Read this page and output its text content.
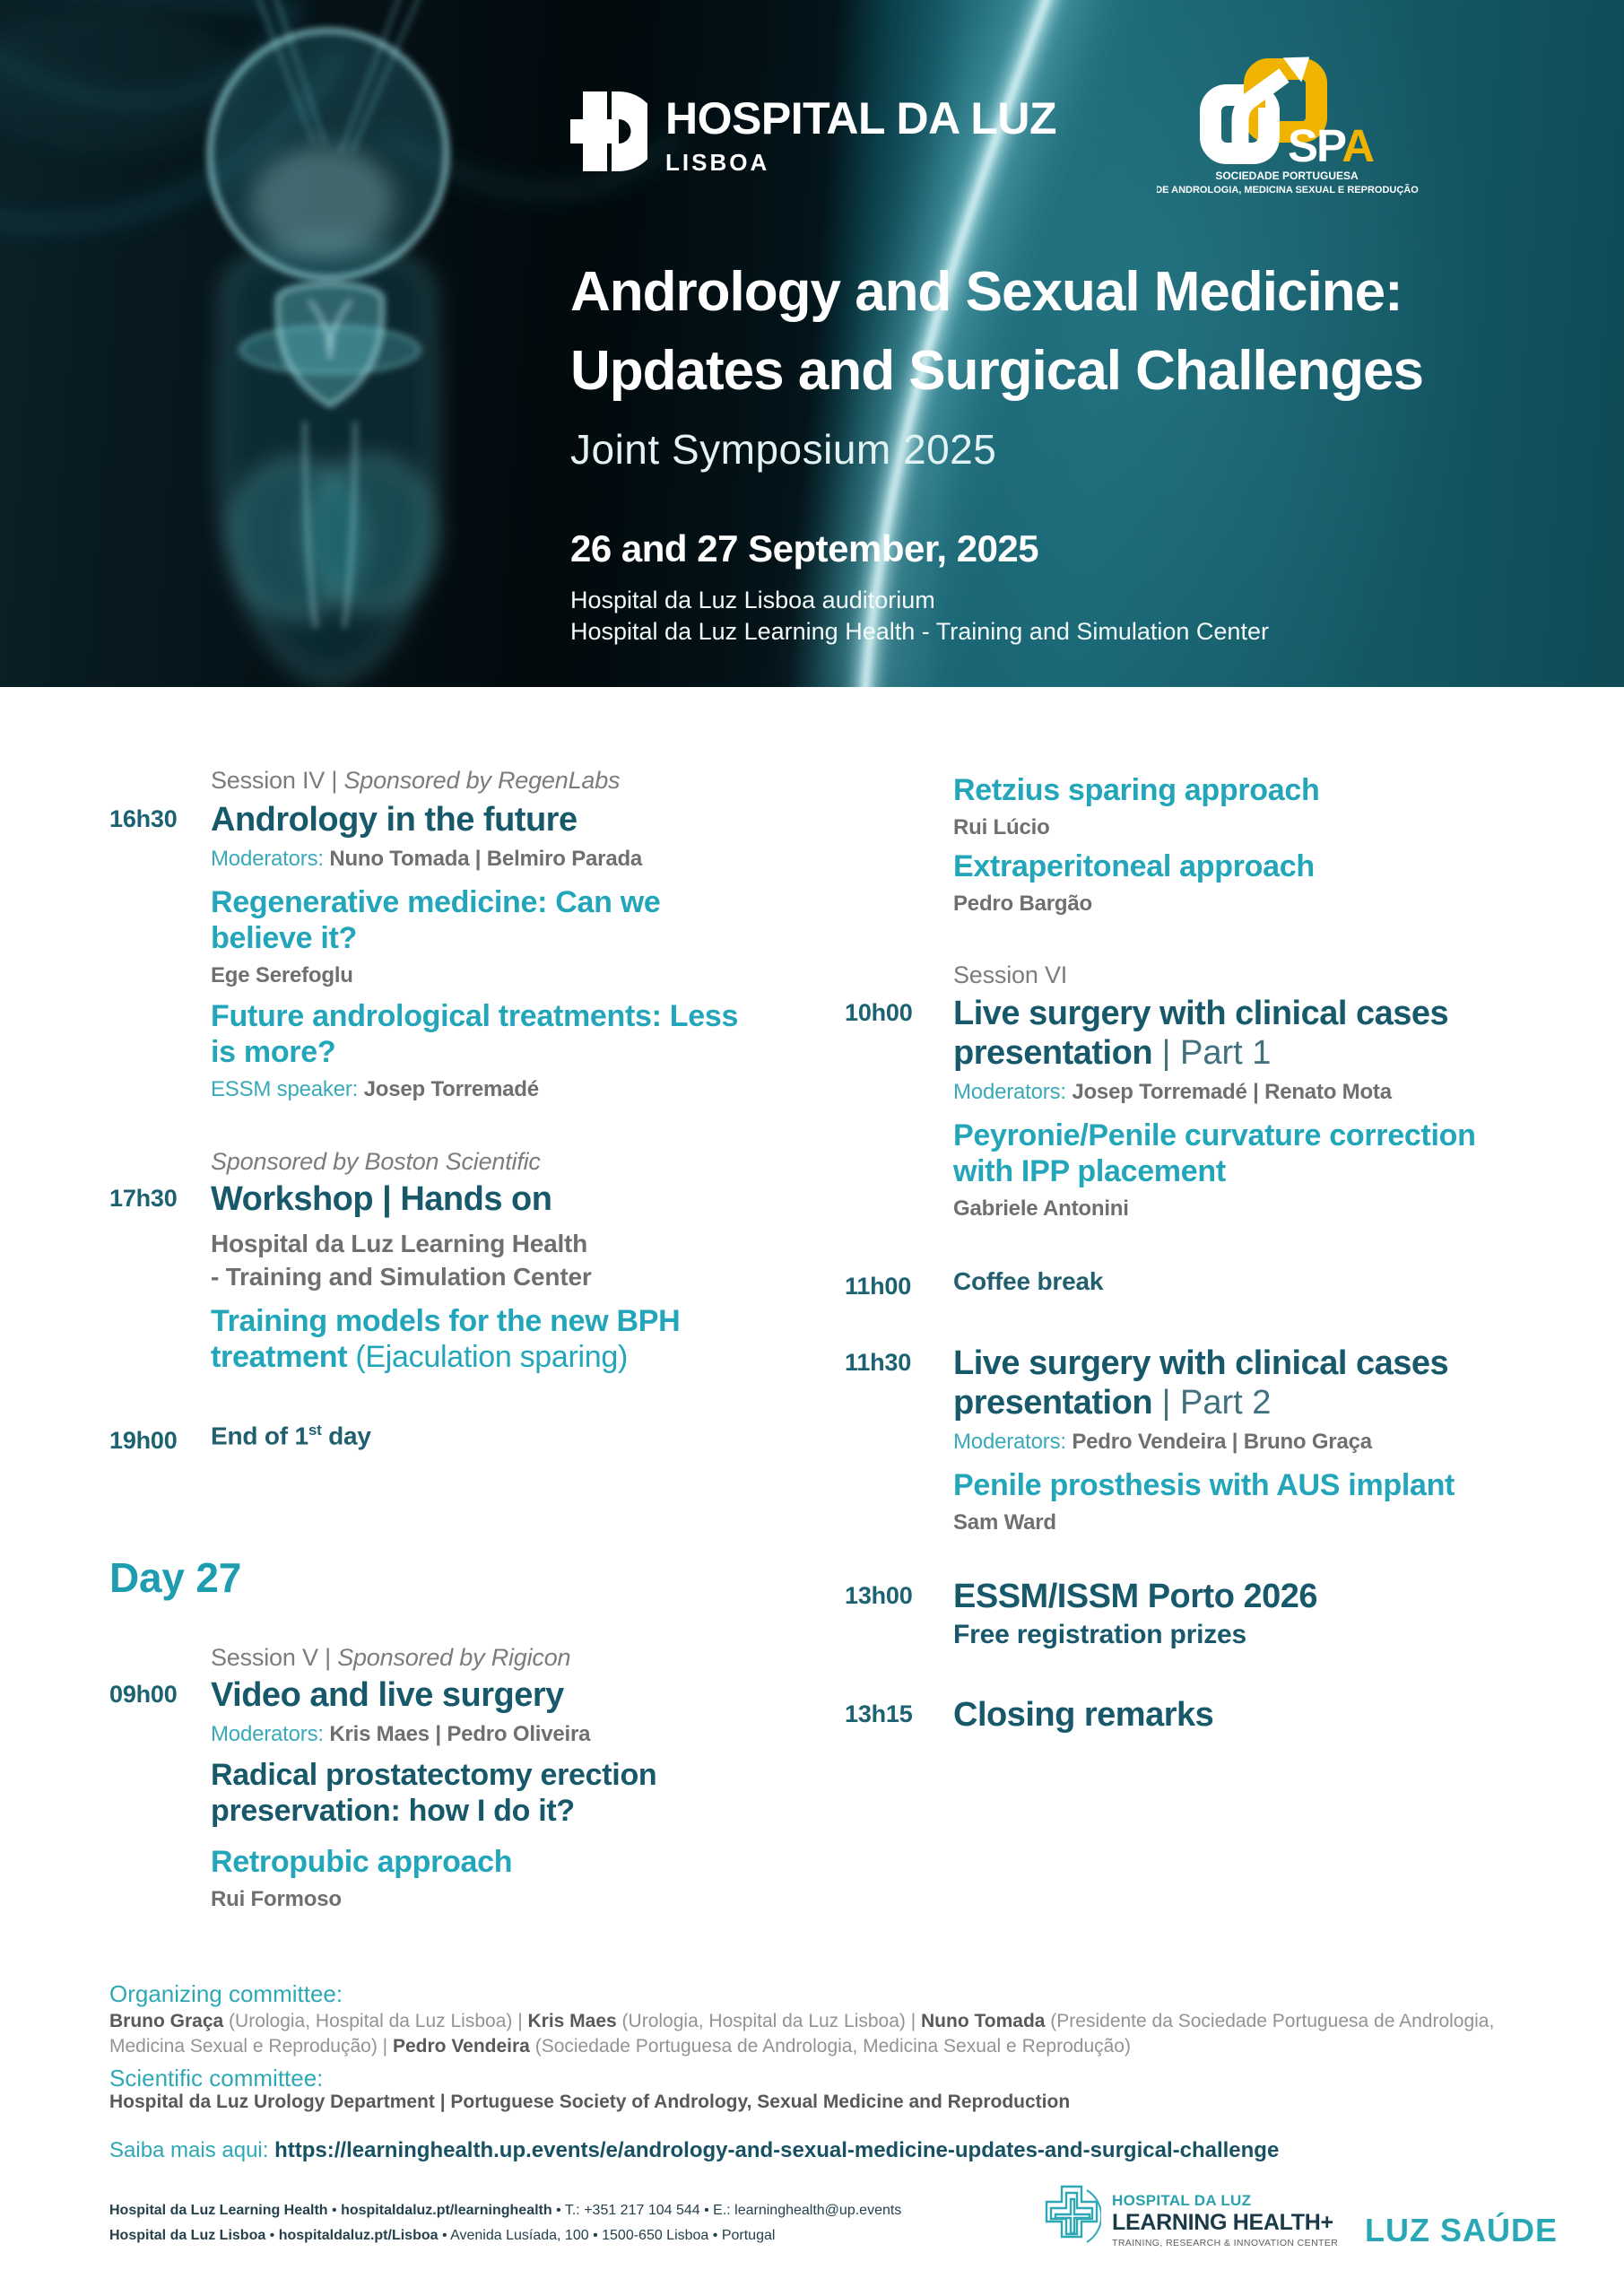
HOSPITAL DA LUZ
LISBOA	SPA
SOCIEDADE PORTUGUESA
DE ANDROLOGIA, MEDICINA SEXUAL E REPRODUÇÃO
Andrology and Sexual Medicine:
Updates and Surgical Challenges
Joint Symposium 2025
26 and 27 September, 2025
Hospital da Luz Lisboa auditorium
Hospital da Luz Learning Health - Training and Simulation Center
Session IV | Sponsored by RegenLabs
16h30 Andrology in the future
Moderators: Nuno Tomada | Belmiro Parada
Regenerative medicine: Can we
believe it?
Ege Serefoglu
Future andrological treatments: Less
is more?
ESSM speaker: Josep Torremadé
Sponsored by Boston Scientific
17h30 Workshop | Hands on
Hospital da Luz Learning Health
- Training and Simulation Center
Training models for the new BPH
treatment (Ejaculation sparing)
19h00 End of 1st day
Day 27
Session V | Sponsored by Rigicon
09h00 Video and live surgery
Moderators: Kris Maes | Pedro Oliveira
Radical prostatectomy erection
preservation: how I do it?
Retropubic approach
Rui Formoso
Retzius sparing approach
Rui Lúcio
Extraperitoneal approach
Pedro Bargão
Session VI
10h00 Live surgery with clinical cases
presentation | Part 1
Moderators: Josep Torremadé | Renato Mota
Peyronie/Penile curvature correction
with IPP placement
Gabriele Antonini
11h00 Coffee break
11h30 Live surgery with clinical cases
presentation | Part 2
Moderators: Pedro Vendeira | Bruno Graça
Penile prosthesis with AUS implant
Sam Ward
13h00 ESSM/ISSM Porto 2026
Free registration prizes
13h15 Closing remarks
Organizing committee:
Bruno Graça (Urologia, Hospital da Luz Lisboa) | Kris Maes (Urologia, Hospital da Luz Lisboa) | Nuno Tomada (Presidente da Sociedade Portuguesa de Andrologia,
Medicina Sexual e Reprodução) | Pedro Vendeira (Sociedade Portuguesa de Andrologia, Medicina Sexual e Reprodução)
Scientific committee:
Hospital da Luz Urology Department | Portuguese Society of Andrology, Sexual Medicine and Reproduction
Saiba mais aqui: https://learninghealth.up.events/e/andrology-and-sexual-medicine-updates-and-surgical-challenge
Hospital da Luz Learning Health • hospitaldaluz.pt/learninghealth • T.: +351 217 104 544 • E.: learninghealth@up.events
Hospital da Luz Lisboa • hospitaldaluz.pt/Lisboa • Avenida Lusíada, 100 • 1500-650 Lisboa • Portugal
HOSPITAL DA LUZ
LEARNING HEALTH+
TRAINING, RESEARCH & INNOVATION CENTER LUZ SAÚDE
